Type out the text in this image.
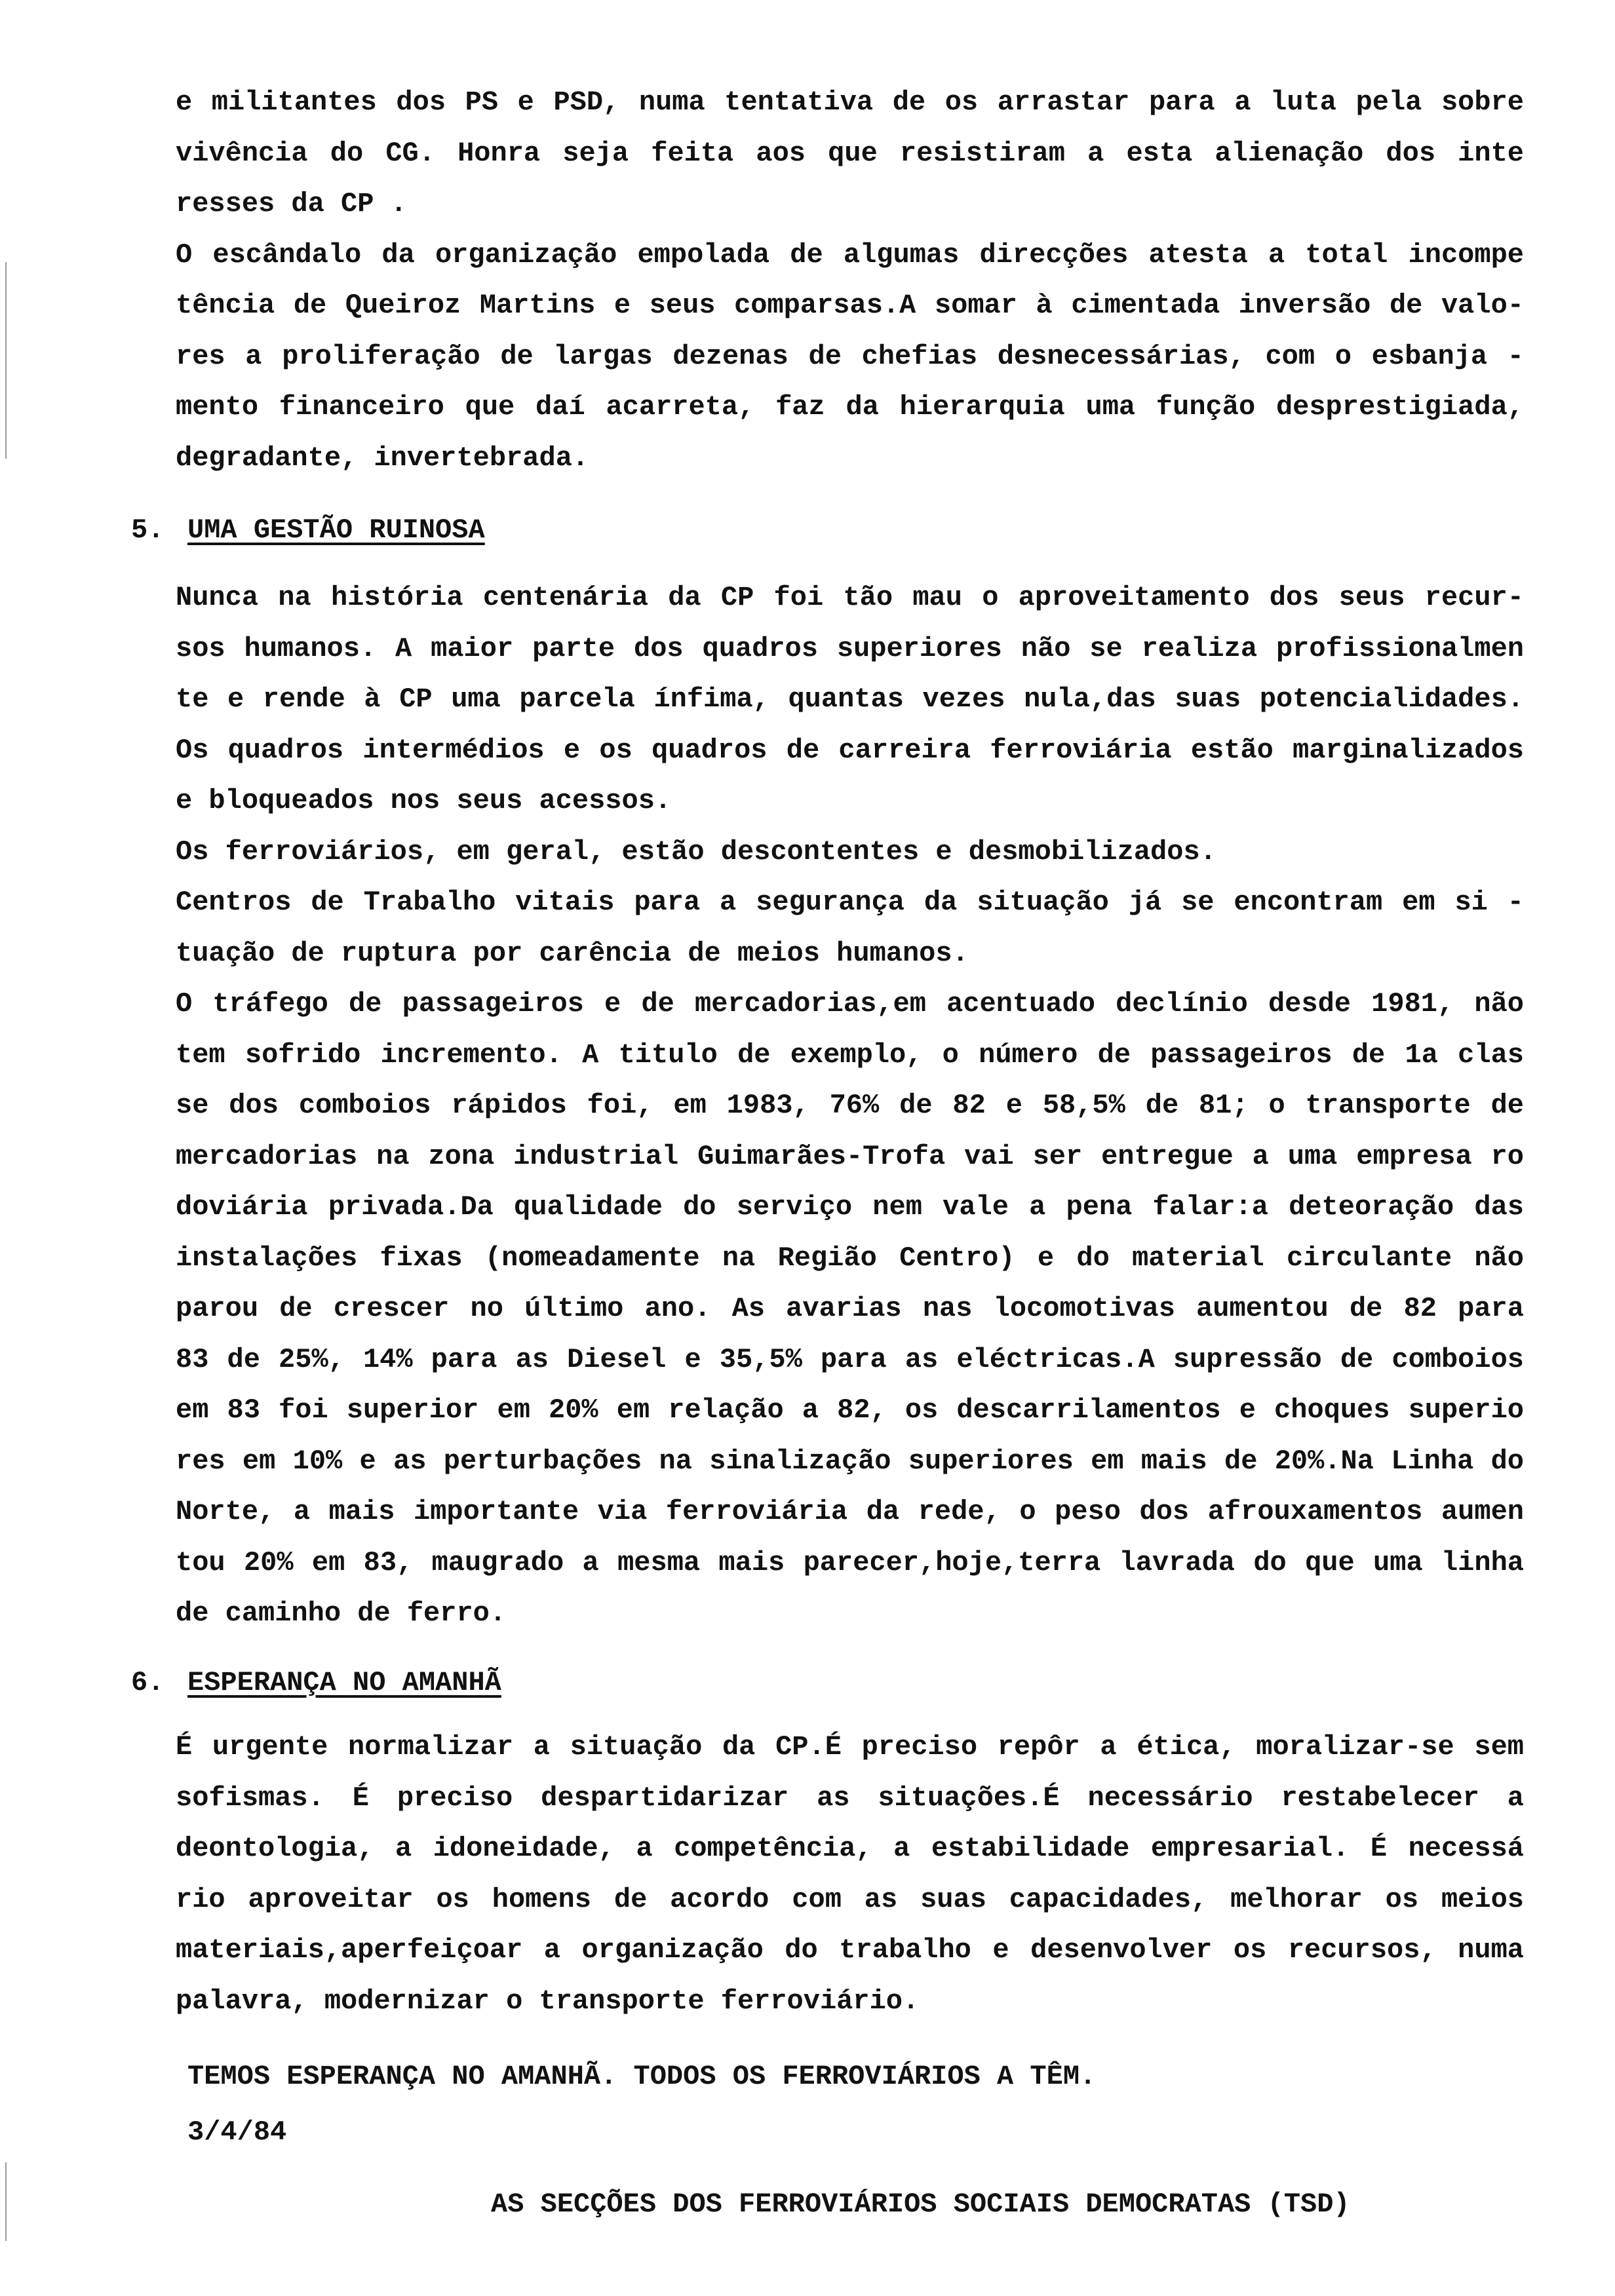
e militantes dos PS e PSD, numa tentativa de os arrastar para a luta pela sobre
vivência do CG. Honra seja feita aos que resistiram a esta alienação dos inte
resses da CP .
O escândalo da organização empolada de algumas direcções atesta a total incompe
tência de Queiroz Martins e seus comparsas.A somar à cimentada inversão de valo-
res a proliferação de largas dezenas de chefias desnecessárias, com o esbanja -
mento financeiro que daí acarreta, faz da hierarquia uma função desprestigiada,
degradante, invertebrada.
5. UMA GESTÃO RUINOSA
Nunca na história centenária da CP foi tão mau o aproveitamento dos seus recur-
sos humanos. A maior parte dos quadros superiores não se realiza profissionalmen
te e rende à CP uma parcela ínfima, quantas vezes nula,das suas potencialidades.
Os quadros intermédios e os quadros de carreira ferroviária estão marginalizados
e bloqueados nos seus acessos.
Os ferroviários, em geral, estão descontentes e desmobilizados.
Centros de Trabalho vitais para a segurança da situação já se encontram em si -
tuação de ruptura por carência de meios humanos.
O tráfego de passageiros e de mercadorias,em acentuado declínio desde 1981, não
tem sofrido incremento. A titulo de exemplo, o número de passageiros de 1a clas
se dos comboios rápidos foi, em 1983, 76% de 82 e 58,5% de 81; o transporte de
mercadorias na zona industrial Guimarães-Trofa vai ser entregue a uma empresa ro
doviária privada.Da qualidade do serviço nem vale a pena falar:a deteoração das
instalações fixas (nomeadamente na Região Centro) e do material circulante não
parou de crescer no último ano. As avarias nas locomotivas aumentou de 82 para
83 de 25%, 14% para as Diesel e 35,5% para as eléctricas.A supressão de comboios
em 83 foi superior em 20% em relação a 82, os descarrilamentos e choques superio
res em 10% e as perturbações na sinalização superiores em mais de 20%.Na Linha do
Norte, a mais importante via ferroviária da rede, o peso dos afrouxamentos aumen
tou 20% em 83, maugrado a mesma mais parecer,hoje,terra lavrada do que uma linha
de caminho de ferro.
6. ESPERANÇA NO AMANHÃ
É urgente normalizar a situação da CP.É preciso repôr a ética, moralizar-se sem
sofismas. É preciso despartidarizar as situações.É necessário restabelecer a
deontologia, a idoneidade, a competência, a estabilidade empresarial. É necessá
rio aproveitar os homens de acordo com as suas capacidades, melhorar os meios
materiais,aperfeiçoar a organização do trabalho e desenvolver os recursos, numa
palavra, modernizar o transporte ferroviário.
TEMOS ESPERANÇA NO AMANHÃ. TODOS OS FERROVIÁRIOS A TÊM.
3/4/84
AS SECÇÕES DOS FERROVIÁRIOS SOCIAIS DEMOCRATAS (TSD)
